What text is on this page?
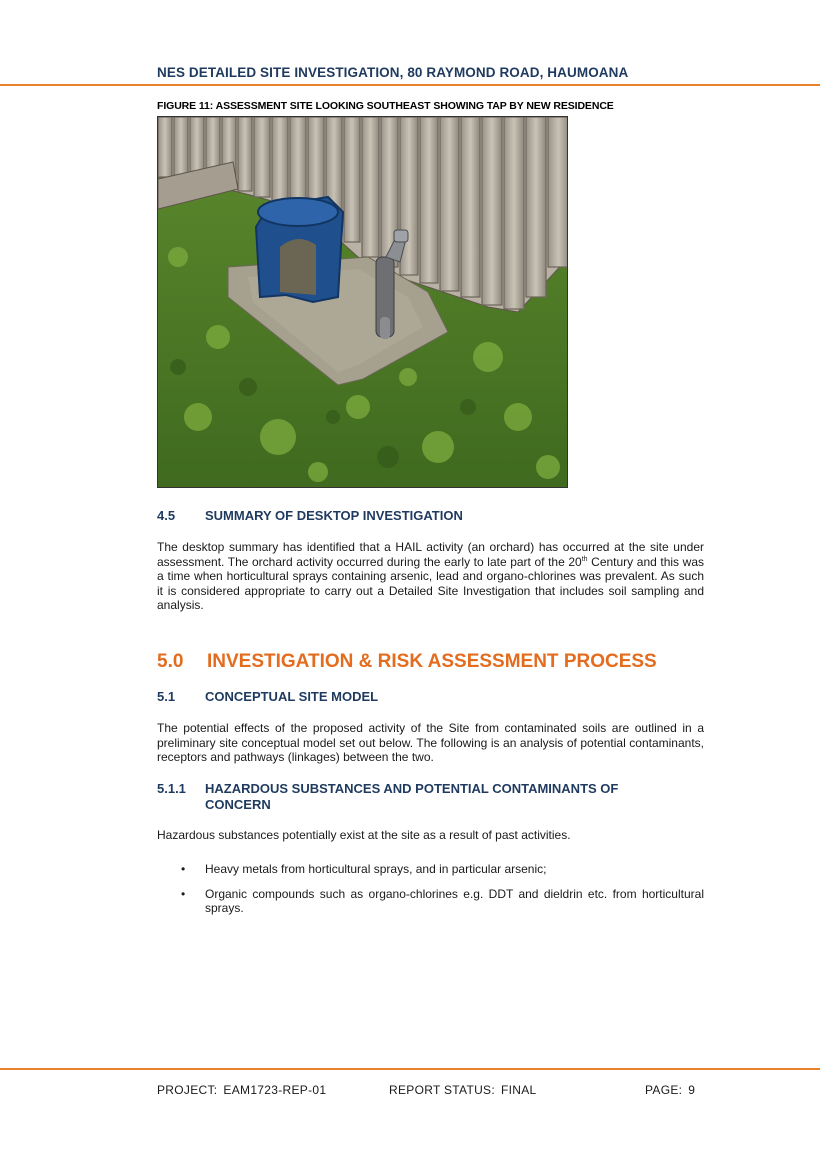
NES DETAILED SITE INVESTIGATION, 80 RAYMOND ROAD, HAUMOANA
FIGURE 11: ASSESSMENT SITE LOOKING SOUTHEAST SHOWING TAP BY NEW RESIDENCE
4.5 SUMMARY OF DESKTOP INVESTIGATION
The desktop summary has identified that a HAIL activity (an orchard) has occurred at the site under assessment. The orchard activity occurred during the early to late part of the 20th Century and this was a time when horticultural sprays containing arsenic, lead and organo-chlorines was prevalent. As such it is considered appropriate to carry out a Detailed Site Investigation that includes soil sampling and analysis.
5.0 INVESTIGATION & RISK ASSESSMENT PROCESS
5.1 CONCEPTUAL SITE MODEL
The potential effects of the proposed activity of the Site from contaminated soils are outlined in a preliminary site conceptual model set out below. The following is an analysis of potential contaminants, receptors and pathways (linkages) between the two.
5.1.1 HAZARDOUS SUBSTANCES AND POTENTIAL CONTAMINANTS OF CONCERN
Hazardous substances potentially exist at the site as a result of past activities.
• Heavy metals from horticultural sprays, and in particular arsenic;
• Organic compounds such as organo-chlorines e.g. DDT and dieldrin etc. from horticultural sprays.
PROJECT: EAM1723-REP-01	REPORT STATUS: FINAL	PAGE: 9
